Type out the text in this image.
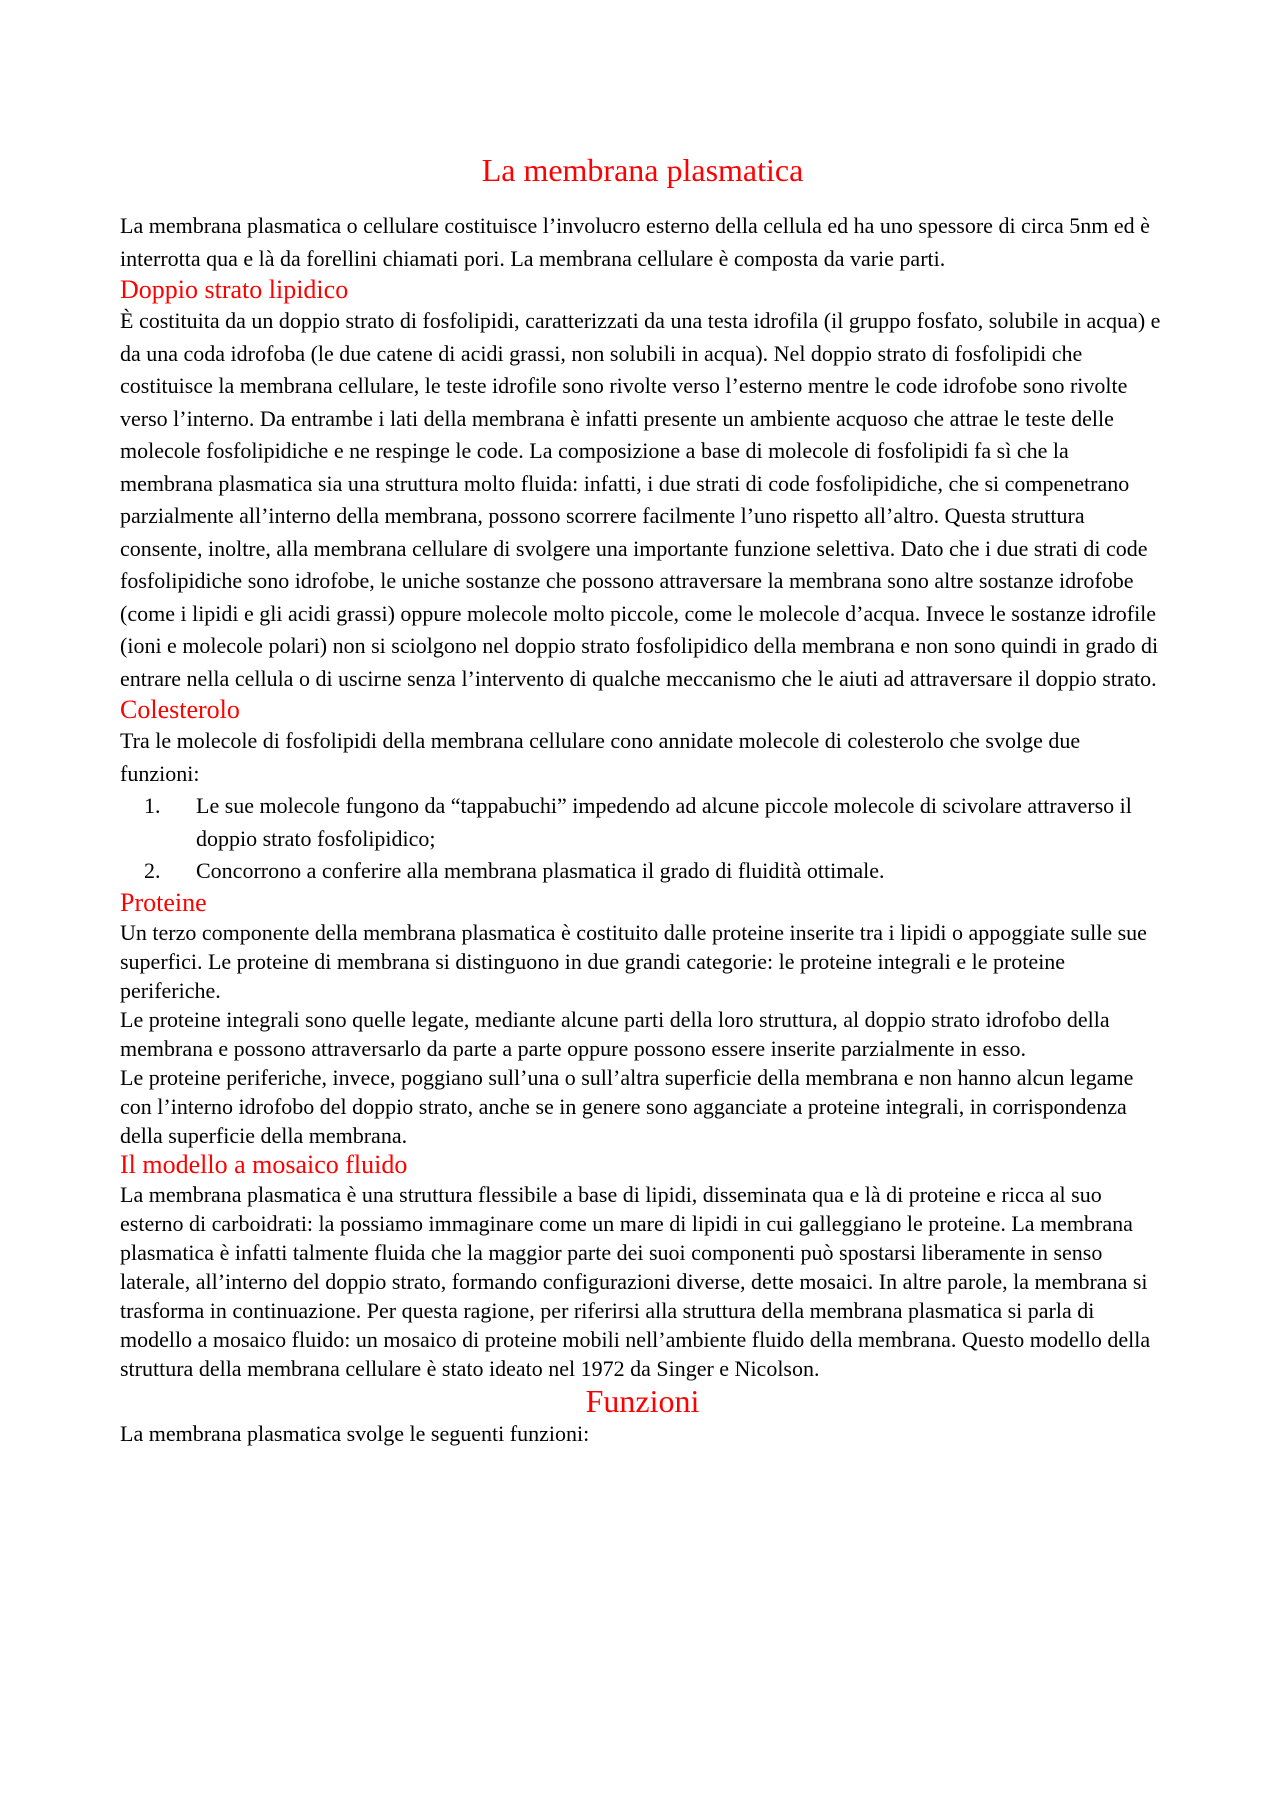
La membrana plasmatica

La membrana plasmatica o cellulare costituisce l’involucro esterno della cellula ed ha uno spessore di circa 5nm ed è interrotta qua e là da forellini chiamati pori. La membrana cellulare è composta da varie parti.

Doppio strato lipidico

È costituita da un doppio strato di fosfolipidi, caratterizzati da una testa idrofila (il gruppo fosfato, solubile in acqua) e da una coda idrofoba (le due catene di acidi grassi, non solubili in acqua). Nel doppio strato di fosfolipidi che costituisce la membrana cellulare, le teste idrofile sono rivolte verso l’esterno mentre le code idrofobe sono rivolte verso l’interno. Da entrambe i lati della membrana è infatti presente un ambiente acquoso che attrae le teste delle molecole fosfolipidiche e ne respinge le code. La composizione a base di molecole di fosfolipidi fa sì che la membrana plasmatica sia una struttura molto fluida: infatti, i due strati di code fosfolipidiche, che si compenetrano parzialmente all’interno della membrana, possono scorrere facilmente l’uno rispetto all’altro. Questa struttura consente, inoltre, alla membrana cellulare di svolgere una importante funzione selettiva. Dato che i due strati di code fosfolipidiche sono idrofobe, le uniche sostanze che possono attraversare la membrana sono altre sostanze idrofobe (come i lipidi e gli acidi grassi) oppure molecole molto piccole, come le molecole d’acqua. Invece le sostanze idrofile (ioni e molecole polari) non si sciolgono nel doppio strato fosfolipidico della membrana e non sono quindi in grado di entrare nella cellula o di uscirne senza l’intervento di qualche meccanismo che le aiuti ad attraversare il doppio strato.

Colesterolo

Tra le molecole di fosfolipidi della membrana cellulare cono annidate molecole di colesterolo che svolge due funzioni:

1. Le sue molecole fungono da “tappabuchi” impedendo ad alcune piccole molecole di scivolare attraverso il doppio strato fosfolipidico;
2. Concorrono a conferire alla membrana plasmatica il grado di fluidità ottimale.
Proteine

Un terzo componente della membrana plasmatica è costituito dalle proteine inserite tra i lipidi o appoggiate sulle sue superfici. Le proteine di membrana si distinguono in due grandi categorie: le proteine integrali e le proteine periferiche.

Le proteine integrali sono quelle legate, mediante alcune parti della loro struttura, al doppio strato idrofobo della membrana e possono attraversarlo da parte a parte oppure possono essere inserite parzialmente in esso.

Le proteine periferiche, invece, poggiano sull’una o sull’altra superficie della membrana e non hanno alcun legame con l’interno idrofobo del doppio strato, anche se in genere sono agganciate a proteine integrali, in corrispondenza della superficie della membrana.

Il modello a mosaico fluido

La membrana plasmatica è una struttura flessibile a base di lipidi, disseminata qua e là di proteine e ricca al suo esterno di carboidrati: la possiamo immaginare come un mare di lipidi in cui galleggiano le proteine. La membrana plasmatica è infatti talmente fluida che la maggior parte dei suoi componenti può spostarsi liberamente in senso laterale, all’interno del doppio strato, formando configurazioni diverse, dette mosaici. In altre parole, la membrana si trasforma in continuazione. Per questa ragione, per riferirsi alla struttura della membrana plasmatica si parla di modello a mosaico fluido: un mosaico di proteine mobili nell’ambiente fluido della membrana. Questo modello della struttura della membrana cellulare è stato ideato nel 1972 da Singer e Nicolson.

Funzioni

La membrana plasmatica svolge le seguenti funzioni:
